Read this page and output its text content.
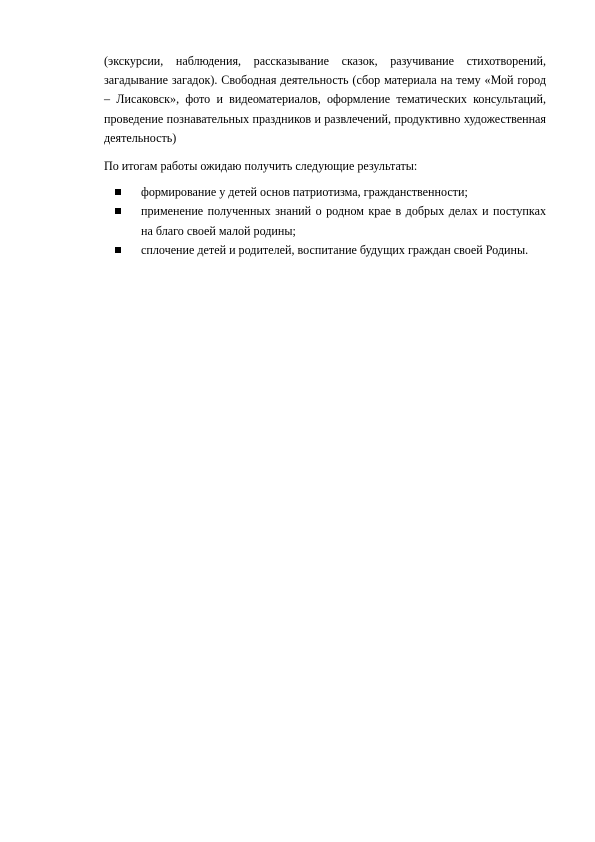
(экскурсии, наблюдения, рассказывание сказок, разучивание стихотворений, загадывание загадок). Свободная деятельность (сбор материала на тему «Мой город – Лисаковск», фото и видеоматериалов, оформление тематических консультаций, проведение познавательных праздников и развлечений, продуктивно художественная деятельность)

По итогам работы ожидаю получить следующие результаты:

формирование у детей основ патриотизма, гражданственности;
применение полученных знаний о родном крае в добрых делах и поступках на благо своей малой родины;
сплочение детей и родителей, воспитание будущих граждан своей Родины.
